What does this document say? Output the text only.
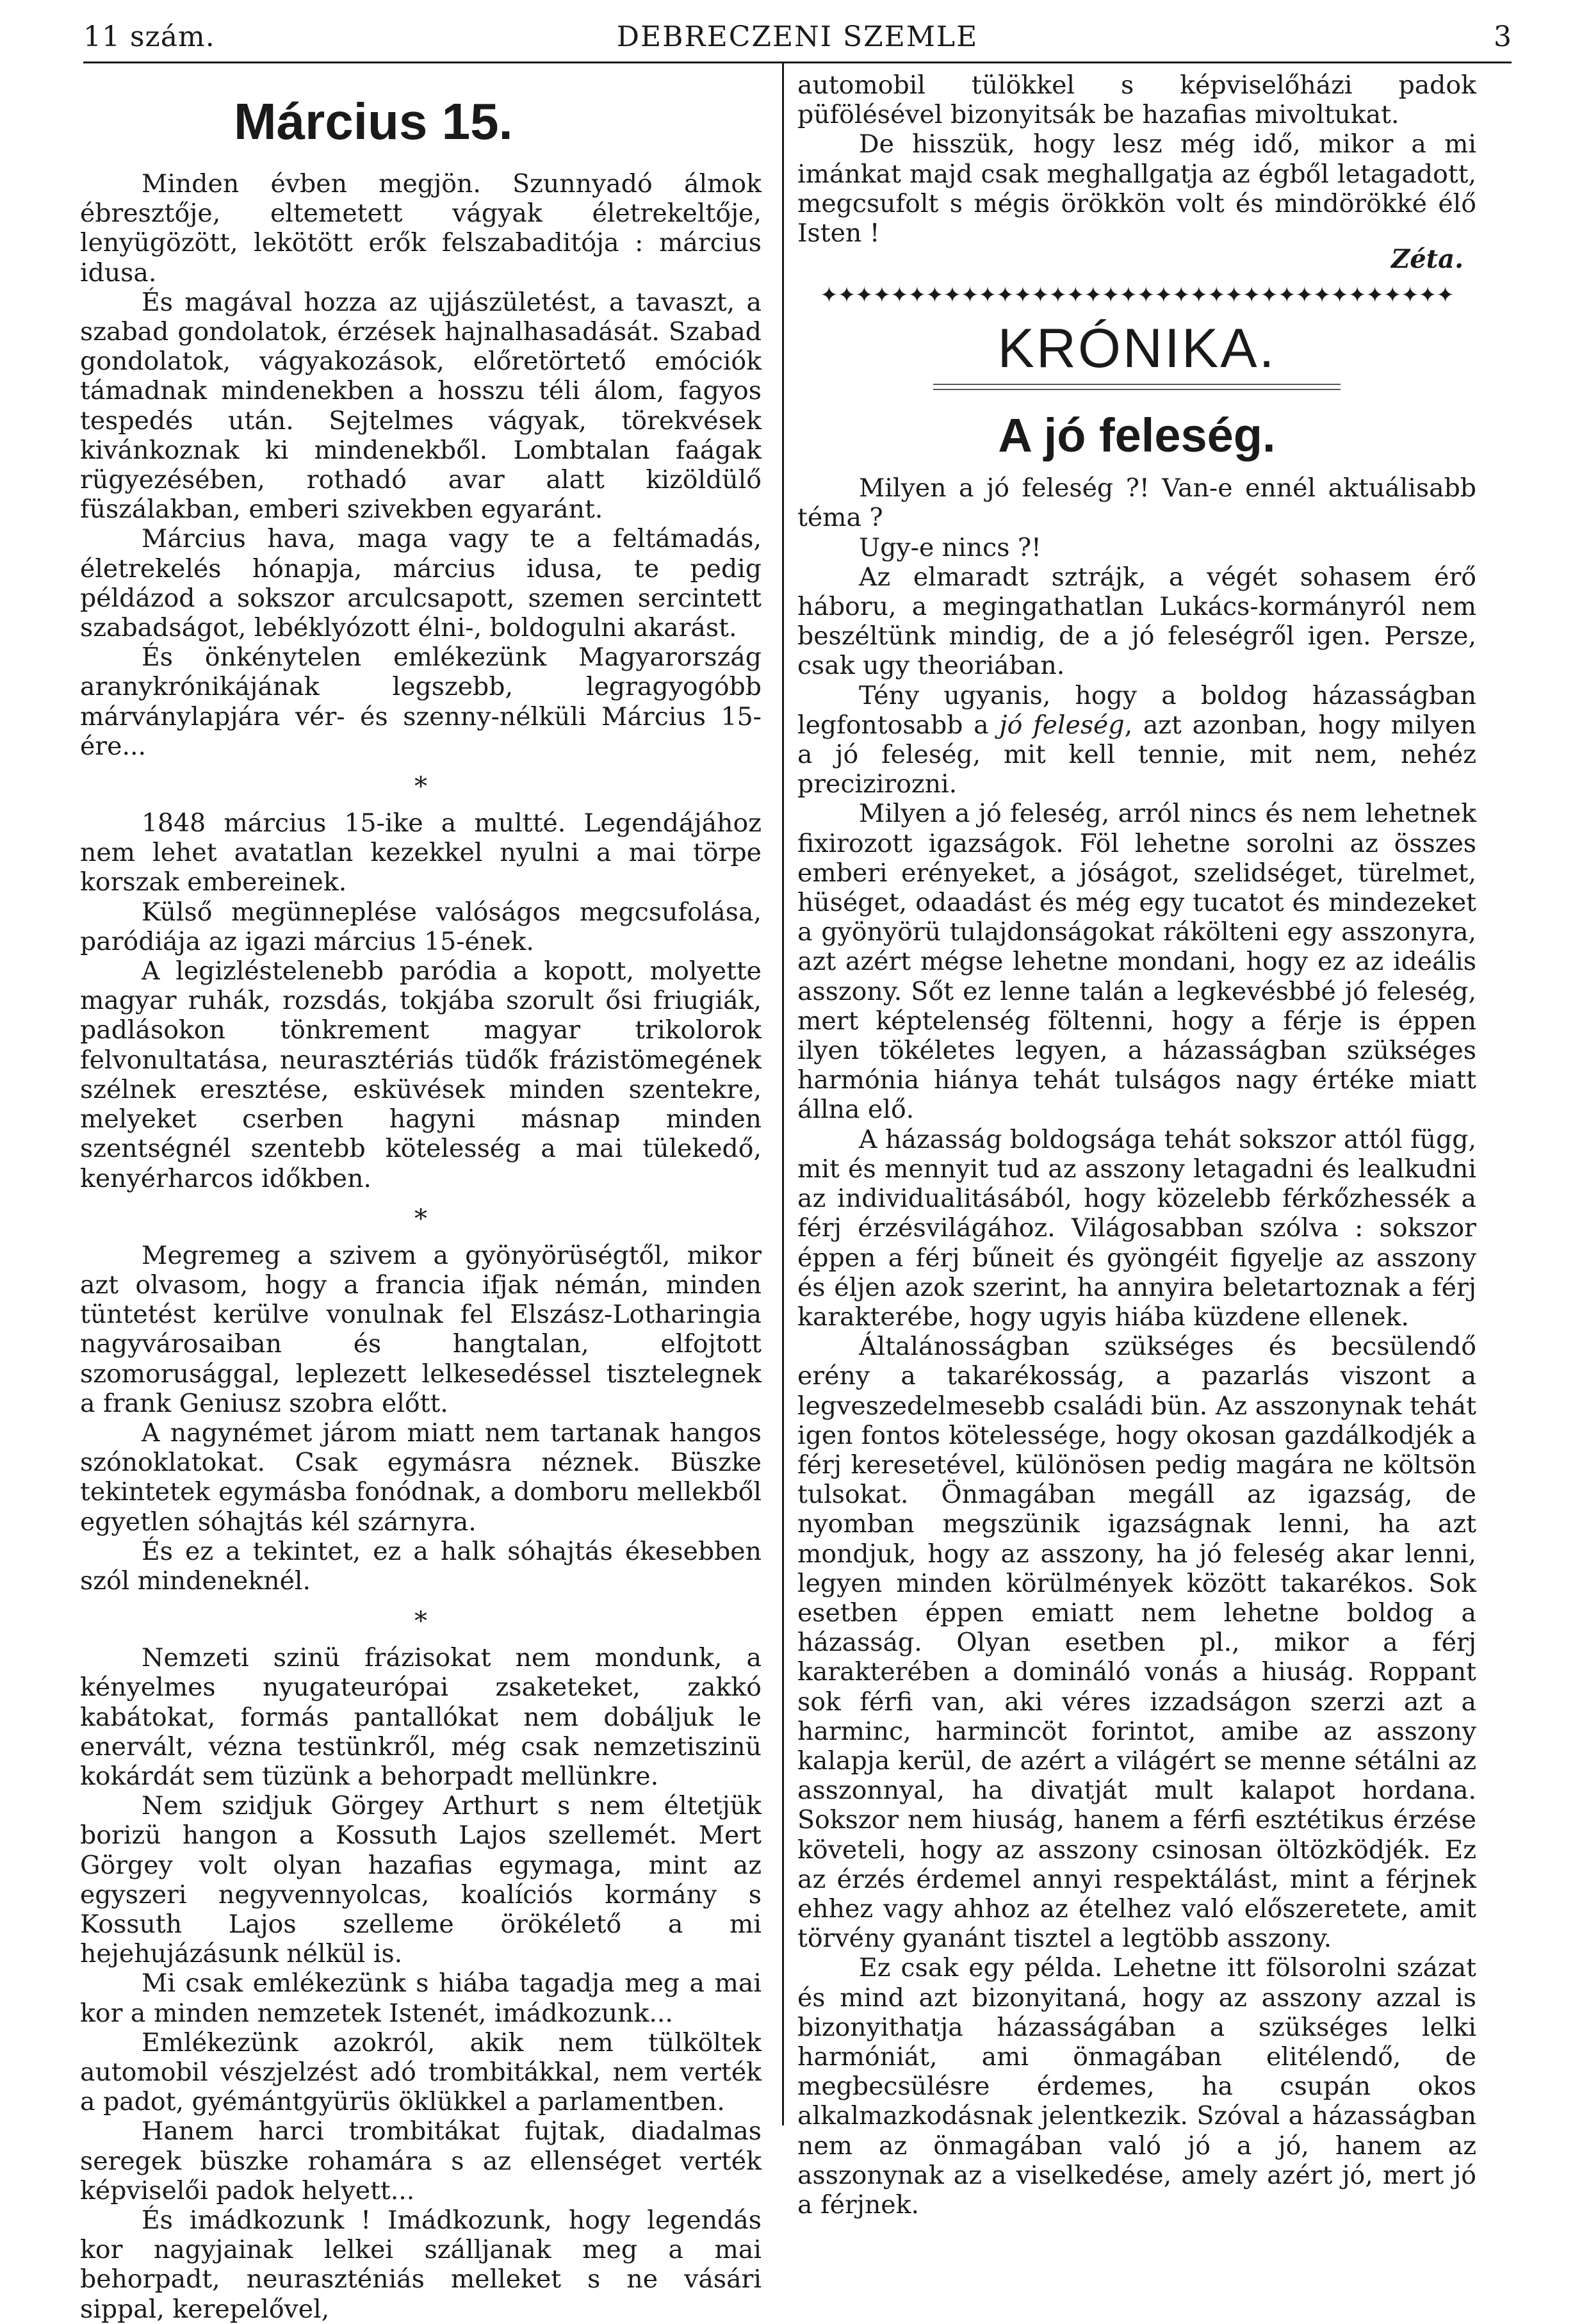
11 szám.	DEBRECZENI SZEMLE	3
Március 15.

Minden évben megjön. Szunnyadó álmok ébresztője, eltemetett vágyak életrekeltője, lenyügözött, lekötött erők felszabaditója : március idusa.

És magával hozza az ujjászületést, a tavaszt, a szabad gondolatok, érzések hajnalhasadását. Szabad gondolatok, vágyakozások, előretörtető emóciók támadnak mindenekben a hosszu téli álom, fagyos tespedés után. Sejtelmes vágyak, törekvések kivánkoznak ki mindenekből. Lombtalan faágak rügyezésében, rothadó avar alatt kizöldülő füszálakban, emberi szivekben egyaránt.

Március hava, maga vagy te a feltámadás, életrekelés hónapja, március idusa, te pedig példázod a sokszor arculcsapott, szemen sercintett szabadságot, lebéklyózott élni-, boldogulni akarást.

És önkénytelen emlékezünk Magyarország aranykrónikájának legszebb, legragyogóbb márványlapjára vér- és szenny-nélküli Március 15-ére...

*

1848 március 15-ike a multté. Legendájához nem lehet avatatlan kezekkel nyulni a mai törpe korszak embereinek.

Külső megünneplése valóságos megcsufolása, paródiája az igazi március 15-ének.

A legizléstelenebb paródia a kopott, molyette magyar ruhák, rozsdás, tokjába szorult ősi friugiák, padlásokon tönkrement magyar trikolorok felvonultatása, neurasztériás tüdők frázistömegének szélnek eresztése, esküvések minden szentekre, melyeket cserben hagyni másnap minden szentségnél szentebb kötelesség a mai tülekedő, kenyérharcos időkben.

*

Megremeg a szivem a gyönyörüségtől, mikor azt olvasom, hogy a francia ifjak némán, minden tüntetést kerülve vonulnak fel Elszász-Lotharingia nagyvárosaiban és hangtalan, elfojtott szomorusággal, leplezett lelkesedéssel tisztelegnek a frank Geniusz szobra előtt.

A nagynémet járom miatt nem tartanak hangos szónoklatokat. Csak egymásra néznek. Büszke tekintetek egymásba fonódnak, a domboru mellekből egyetlen sóhajtás kél szárnyra.

És ez a tekintet, ez a halk sóhajtás ékesebben szól mindeneknél.

*

Nemzeti szinü frázisokat nem mondunk, a kényelmes nyugateurópai zsaketeket, zakkó kabátokat, formás pantallókat nem dobáljuk le enervált, vézna testünkről, még csak nemzetiszinü kokárdát sem tüzünk a behorpadt mellünkre.

Nem szidjuk Görgey Arthurt s nem éltetjük borizü hangon a Kossuth Lajos szellemét. Mert Görgey volt olyan hazafias egymaga, mint az egyszeri negyvennyolcas, koalíciós kormány s Kossuth Lajos szelleme örökélető a mi hejehujázásunk nélkül is.

Mi csak emlékezünk s hiába tagadja meg a mai kor a minden nemzetek Istenét, imádkozunk...

Emlékezünk azokról, akik nem tülköltek automobil vészjelzést adó trombitákkal, nem verték a padot, gyémántgyürüs öklükkel a parlamentben.

Hanem harci trombitákat fujtak, diadalmas seregek büszke rohamára s az ellenséget verték képviselői padok helyett...

És imádkozunk ! Imádkozunk, hogy legendás kor nagyjainak lelkei szálljanak meg a mai behorpadt, neuraszténiás melleket s ne vásári sippal, kerepelővel,

automobil tülökkel s képviselőházi padok püfölésével bizonyitsák be hazafias mivoltukat.

De hisszük, hogy lesz még idő, mikor a mi imánkat majd csak meghallgatja az égből letagadott, megcsufolt s mégis örökkön volt és mindörökké élő Isten !

Zéta.
✦✦✦✦✦✦✦✦✦✦✦✦✦✦✦✦✦✦✦✦✦✦✦✦✦✦✦✦✦✦✦✦✦✦✦✦
KRÓNIKA.
A jó feleség.

Milyen a jó feleség ?! Van-e ennél aktuálisabb téma ?

Ugy-e nincs ?!

Az elmaradt sztrájk, a végét sohasem érő háboru, a megingathatlan Lukács-kormányról nem beszéltünk mindig, de a jó feleségről igen. Persze, csak ugy theoriában.

Tény ugyanis, hogy a boldog házasságban legfontosabb a jó feleség, azt azonban, hogy milyen a jó feleség, mit kell tennie, mit nem, nehéz precizirozni.

Milyen a jó feleség, arról nincs és nem lehetnek fixirozott igazságok. Föl lehetne sorolni az összes emberi erényeket, a jóságot, szelidséget, türelmet, hüséget, odaadást és még egy tucatot és mindezeket a gyönyörü tulajdonságokat rákölteni egy asszonyra, azt azért mégse lehetne mondani, hogy ez az ideális asszony. Sőt ez lenne talán a legkevésbbé jó feleség, mert képtelenség föltenni, hogy a férje is éppen ilyen tökéletes legyen, a házasságban szükséges harmónia hiánya tehát tulságos nagy értéke miatt állna elő.

A házasság boldogsága tehát sokszor attól függ, mit és mennyit tud az asszony letagadni és lealkudni az individualitásából, hogy közelebb férkőzhessék a férj érzésvilágához. Világosabban szólva : sokszor éppen a férj bűneit és gyöngéit figyelje az asszony és éljen azok szerint, ha annyira beletartoznak a férj karakterébe, hogy ugyis hiába küzdene ellenek.

Általánosságban szükséges és becsülendő erény a takarékosság, a pazarlás viszont a legveszedelmesebb családi bün. Az asszonynak tehát igen fontos kötelessége, hogy okosan gazdálkodjék a férj keresetével, különösen pedig magára ne költsön tulsokat. Önmagában megáll az igazság, de nyomban megszünik igazságnak lenni, ha azt mondjuk, hogy az asszony, ha jó feleség akar lenni, legyen minden körülmények között takarékos. Sok esetben éppen emiatt nem lehetne boldog a házasság. Olyan esetben pl., mikor a férj karakterében a domináló vonás a hiuság. Roppant sok férfi van, aki véres izzadságon szerzi azt a harminc, harmincöt forintot, amibe az asszony kalapja kerül, de azért a világért se menne sétálni az asszonnyal, ha divatját mult kalapot hordana. Sokszor nem hiuság, hanem a férfi esztétikus érzése követeli, hogy az asszony csinosan öltözködjék. Ez az érzés érdemel annyi respektálást, mint a férjnek ehhez vagy ahhoz az ételhez való előszeretete, amit törvény gyanánt tisztel a legtöbb asszony.

Ez csak egy példa. Lehetne itt fölsorolni százat és mind azt bizonyitaná, hogy az asszony azzal is bizonyithatja házasságában a szükséges lelki harmóniát, ami önmagában elitélendő, de megbecsülésre érdemes, ha csupán okos alkalmazkodásnak jelentkezik. Szóval a házasságban nem az önmagában való jó a jó, hanem az asszonynak az a viselkedése, amely azért jó, mert jó a férjnek.
